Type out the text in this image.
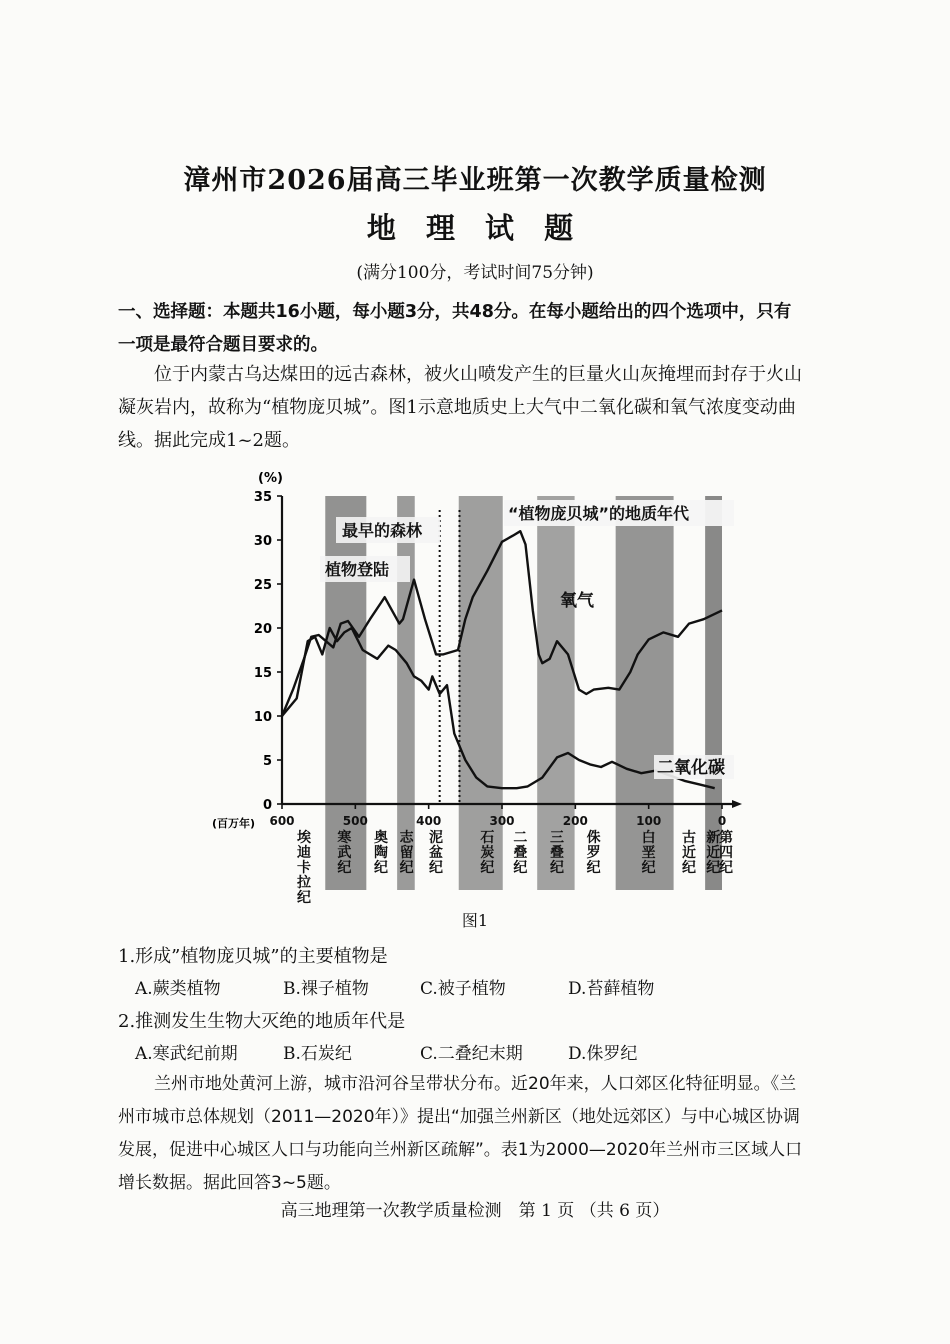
漳州市2026届高三毕业班第一次教学质量检测
地 理 试 题
(满分100分，考试时间75分钟)

一、选择题：本题共16小题，每小题3分，共48分。在每小题给出的四个选项中，只有一项是最符合题目要求的。

位于内蒙古乌达煤田的远古森林，被火山喷发产生的巨量火山灰掩埋而封存于火山凝灰岩内，故称为“植物庞贝城”。图1示意地质史上大气中二氧化碳和氧气浓度变动曲线。据此完成1~2题。

0
5
10
15
20
25
30
35
600	500	400	300	200	100	0
埃迪卡拉纪
寒武纪
奥陶纪
志留纪
泥盆纪
石炭纪
二叠纪
三叠纪
侏罗纪
白垩纪
古近纪
新近纪
第四纪
(%)
(百万年)
最早的森林
植物登陆
“植物庞贝城”的地质年代
氧气
二氧化碳
图1
1.形成”植物庞贝城”的主要植物是
A.蕨类植物	B.裸子植物	C.被子植物	D.苔藓植物
2.推测发生生物大灭绝的地质年代是
A.寒武纪前期	B.石炭纪	C.二叠纪末期	D.侏罗纪

兰州市地处黄河上游，城市沿河谷呈带状分布。近20年来，人口郊区化特征明显。《兰州市城市总体规划（2011—2020年）》提出“加强兰州新区（地处远郊区）与中心城区协调发展，促进中心城区人口与功能向兰州新区疏解”。表1为2000—2020年兰州市三区域人口增长数据。据此回答3~5题。

高三地理第一次教学质量检测　第 1 页 （共 6 页）
